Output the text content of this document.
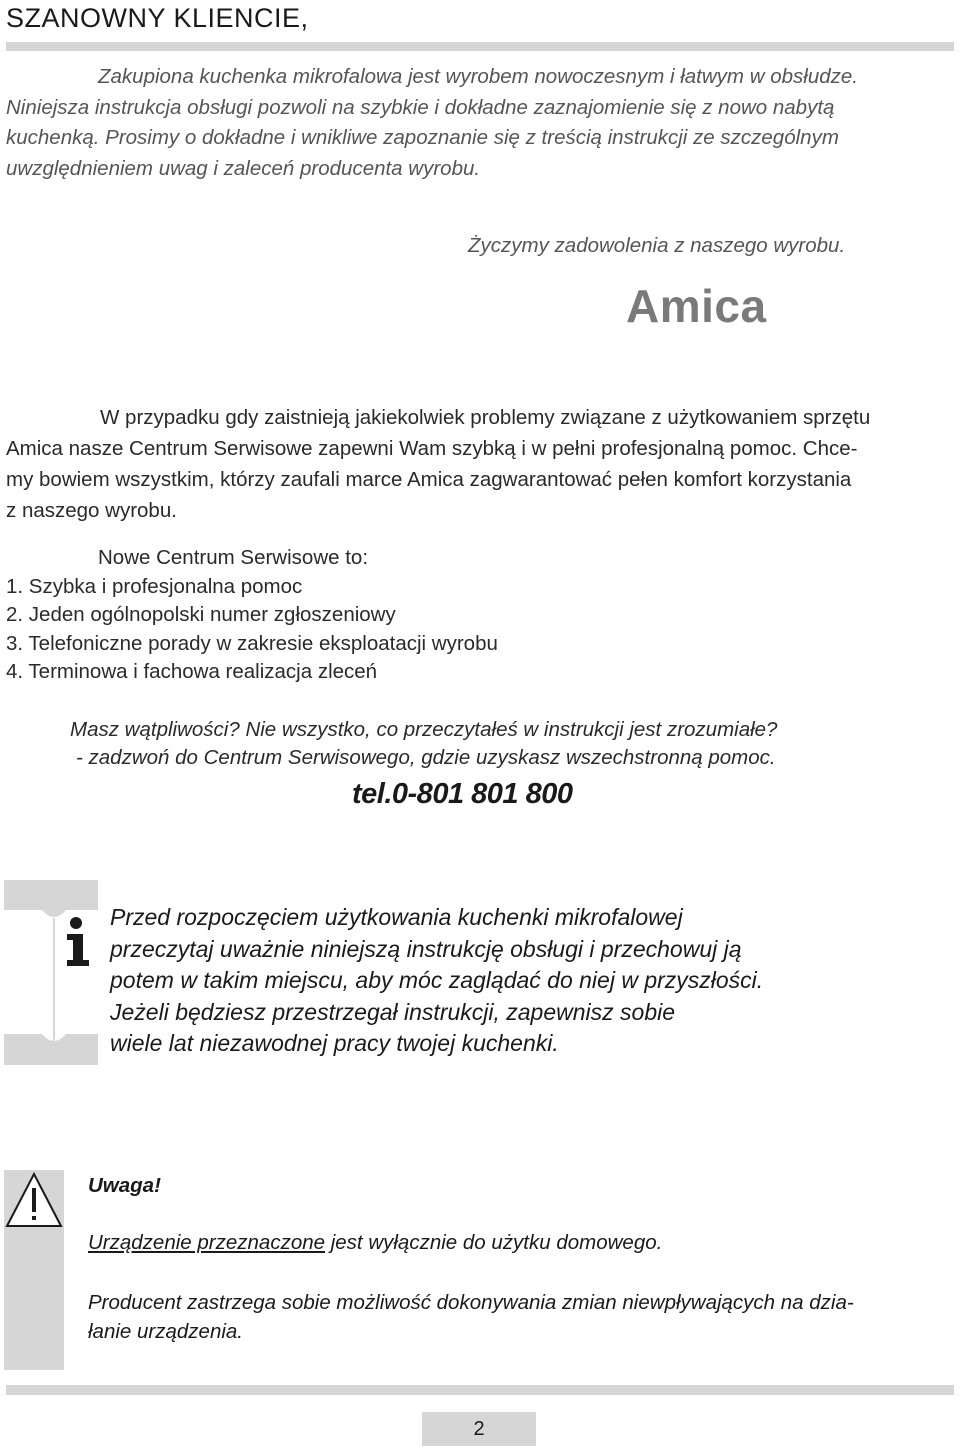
SZANOWNY KLIENCIE,

Zakupiona kuchenka mikrofalowa jest wyrobem nowoczesnym i łatwym w obsłudze.
Niniejsza instrukcja obsługi pozwoli na szybkie i dokładne zaznajomienie się z nowo nabytą
kuchenką. Prosimy o dokładne i wnikliwe zapoznanie się z treścią instrukcji ze szczególnym
uwzględnieniem uwag i zaleceń producenta wyrobu.

Życzymy zadowolenia z naszego wyrobu.
Amica

W przypadku gdy zaistnieją jakiekolwiek problemy związane z użytkowaniem sprzętu
Amica nasze Centrum Serwisowe zapewni Wam szybką i w pełni profesjonalną pomoc. Chce-
my bowiem wszystkim, którzy zaufali marce Amica zagwarantować pełen komfort korzystania
z naszego wyrobu.

Nowe Centrum Serwisowe to:
1. Szybka i profesjonalna pomoc
2. Jeden ogólnopolski numer zgłoszeniowy
3. Telefoniczne porady w zakresie eksploatacji wyrobu
4. Terminowa i fachowa realizacja zleceń
Masz wątpliwości? Nie wszystko, co przeczytałeś w instrukcji jest zrozumiałe?
- zadzwoń do Centrum Serwisowego, gdzie uzyskasz wszechstronną pomoc.
tel.0-801 801 800

Przed rozpoczęciem użytkowania kuchenki mikrofalowej
przeczytaj uważnie niniejszą instrukcję obsługi i przechowuj ją
potem w takim miejscu, aby móc zaglądać do niej w przyszłości.
Jeżeli będziesz przestrzegał instrukcji, zapewnisz sobie
wiele lat niezawodnej pracy twojej kuchenki.

Uwaga!
Urządzenie przeznaczone jest wyłącznie do użytku domowego.

Producent zastrzega sobie możliwość dokonywania zmian niewpływających na dzia-
łanie urządzenia.

2
